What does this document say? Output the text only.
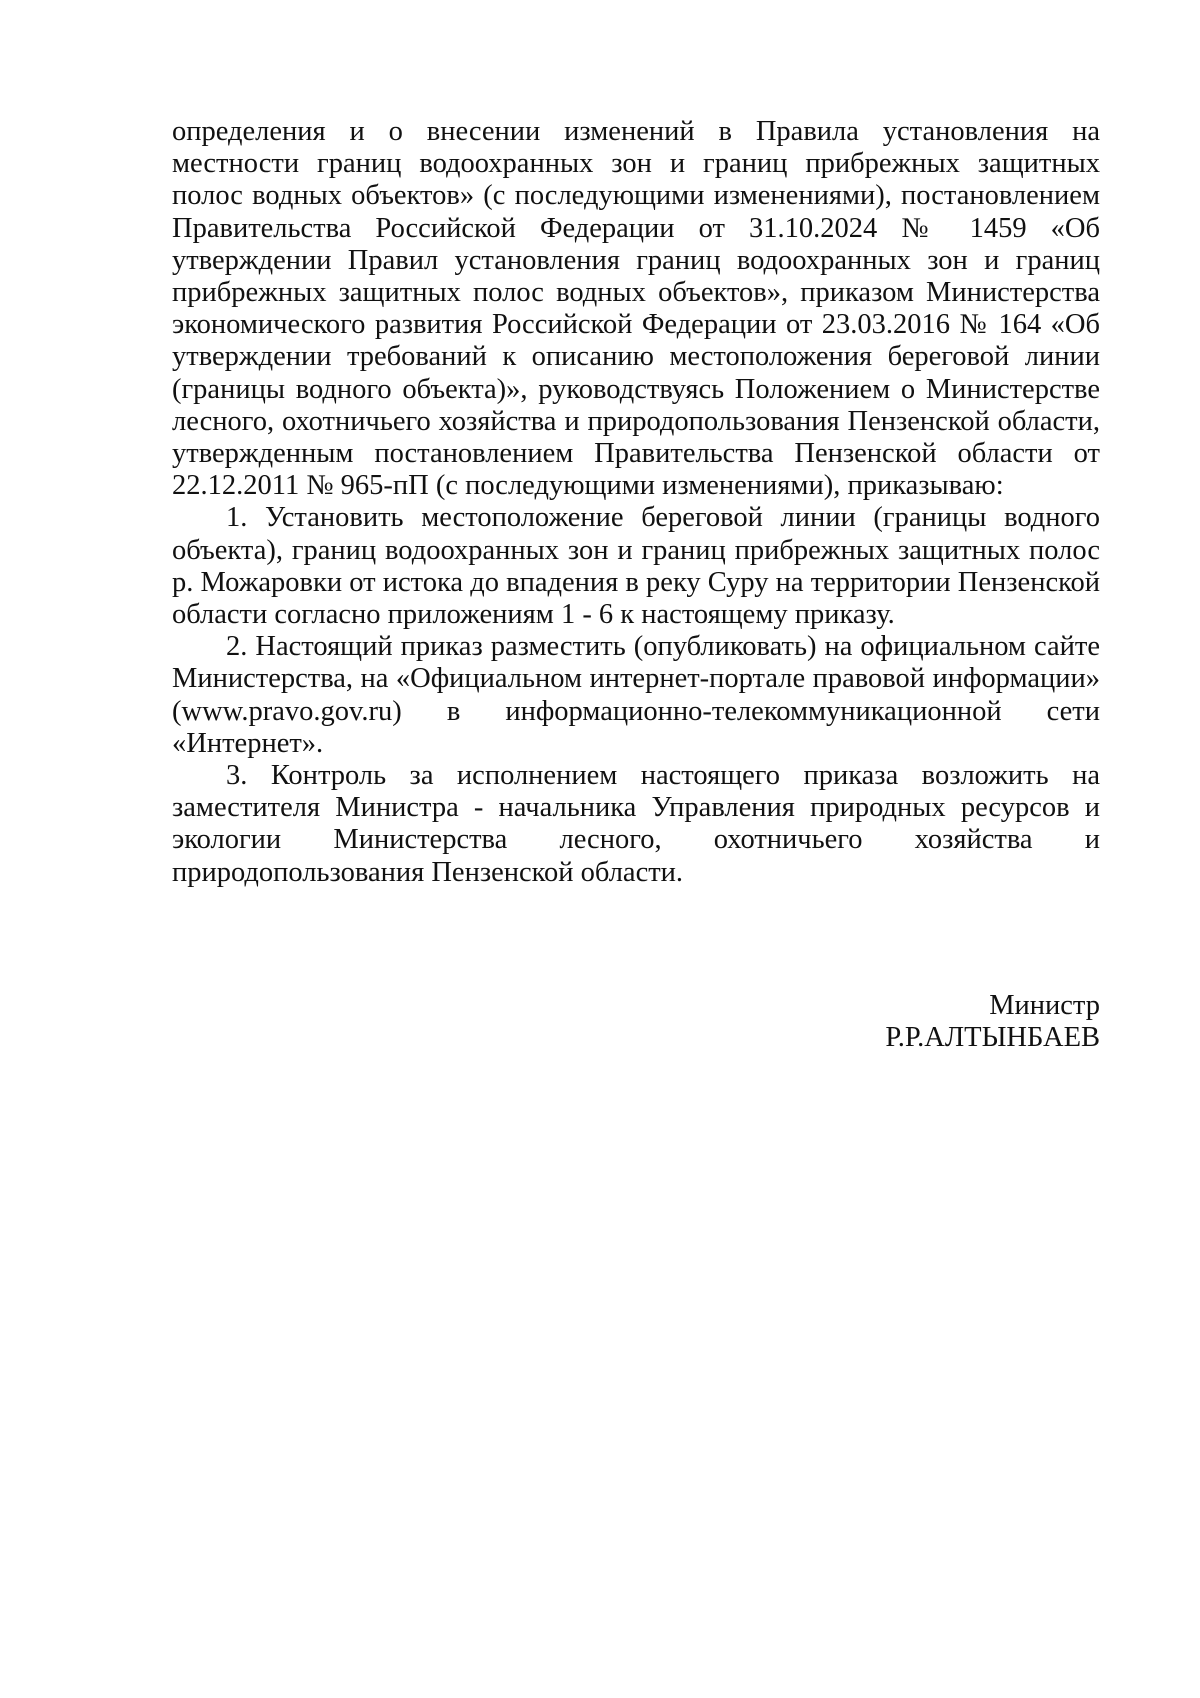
определения и о внесении изменений в Правила установления на местности границ водоохранных зон и границ прибрежных защитных полос водных объектов» (с последующими изменениями), постановлением Правительства Российской Федерации от 31.10.2024 № 1459 «Об утверждении Правил установления границ водоохранных зон и границ прибрежных защитных полос водных объектов», приказом Министерства экономического развития Российской Федерации от 23.03.2016 № 164 «Об утверждении требований к описанию местоположения береговой линии (границы водного объекта)», руководствуясь Положением о Министерстве лесного, охотничьего хозяйства и природопользования Пензенской области, утвержденным постановлением Правительства Пензенской области от 22.12.2011 № 965-пП (с последующими изменениями), приказываю:

1. Установить местоположение береговой линии (границы водного объекта), границ водоохранных зон и границ прибрежных защитных полос р. Можаровки от истока до впадения в реку Суру на территории Пензенской области согласно приложениям 1 - 6 к настоящему приказу.

2. Настоящий приказ разместить (опубликовать) на официальном сайте Министерства, на «Официальном интернет-портале правовой информации» (www.pravo.gov.ru) в информационно-телекоммуникационной сети «Интернет».

3. Контроль за исполнением настоящего приказа возложить на заместителя Министра - начальника Управления природных ресурсов и экологии Министерства лесного, охотничьего хозяйства и природопользования Пензенской области.

Министр
Р.Р.АЛТЫНБАЕВ
